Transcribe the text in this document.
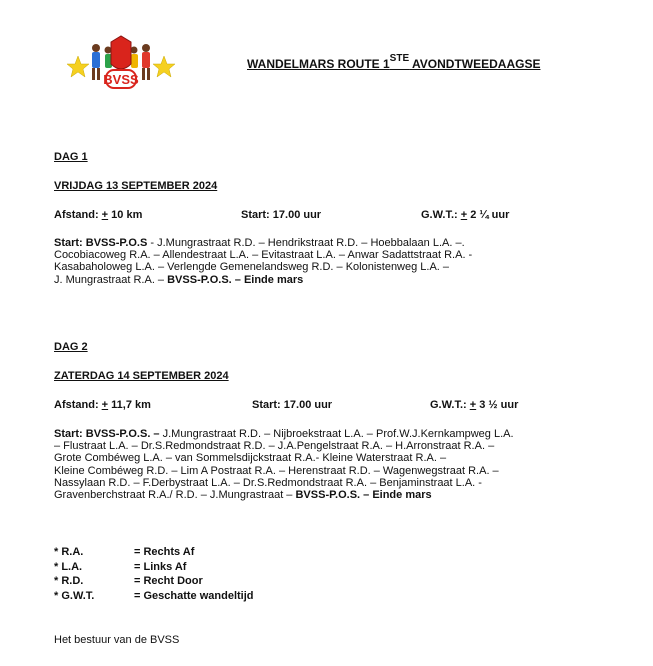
BVSS
WANDELMARS ROUTE 1STE AVONDTWEEDAAGSE
DAG 1
VRIJDAG 13 SEPTEMBER 2024
Afstand: + 10 km	Start: 17.00 uur	G.W.T.: + 2 ¼ uur
Start: BVSS-P.O.S - J.Mungrastraat R.D. – Hendrikstraat R.D. – Hoebbalaan L.A. –.
Cocobiacoweg R.A. – Allendestraat L.A. – Evitastraat L.A. – Anwar Sadattstraat R.A. -
Kasabaholoweg L.A. – Verlengde Gemenelandsweg R.D. – Kolonistenweg L.A. –
J. Mungrastraat R.A. – BVSS-P.O.S. – Einde mars
DAG 2
ZATERDAG 14 SEPTEMBER 2024
Afstand: + 11,7 km	Start: 17.00 uur	G.W.T.: + 3 ½ uur
Start: BVSS-P.O.S. – J.Mungrastraat R.D. – Nijbroekstraat L.A. – Prof.W.J.Kernkampweg L.A.
– Flustraat L.A. – Dr.S.Redmondstraat R.D. – J.A.Pengelstraat R.A. – H.Arronstraat R.A. –
Grote Combéweg L.A. – van Sommelsdijckstraat R.A.- Kleine Waterstraat R.A. –
Kleine Combéweg R.D. – Lim A Postraat R.A. – Herenstraat R.D. – Wagenwegstraat R.A. –
Nassylaan R.D. – F.Derbystraat L.A. – Dr.S.Redmondstraat R.A. – Benjaminstraat L.A. -
Gravenberchstraat R.A./ R.D. – J.Mungrastraat – BVSS-P.O.S. – Einde mars
* R.A.	= Rechts Af
* L.A.	= Links Af
* R.D.	= Recht Door
* G.W.T.	= Geschatte wandeltijd
Het bestuur van de BVSS
